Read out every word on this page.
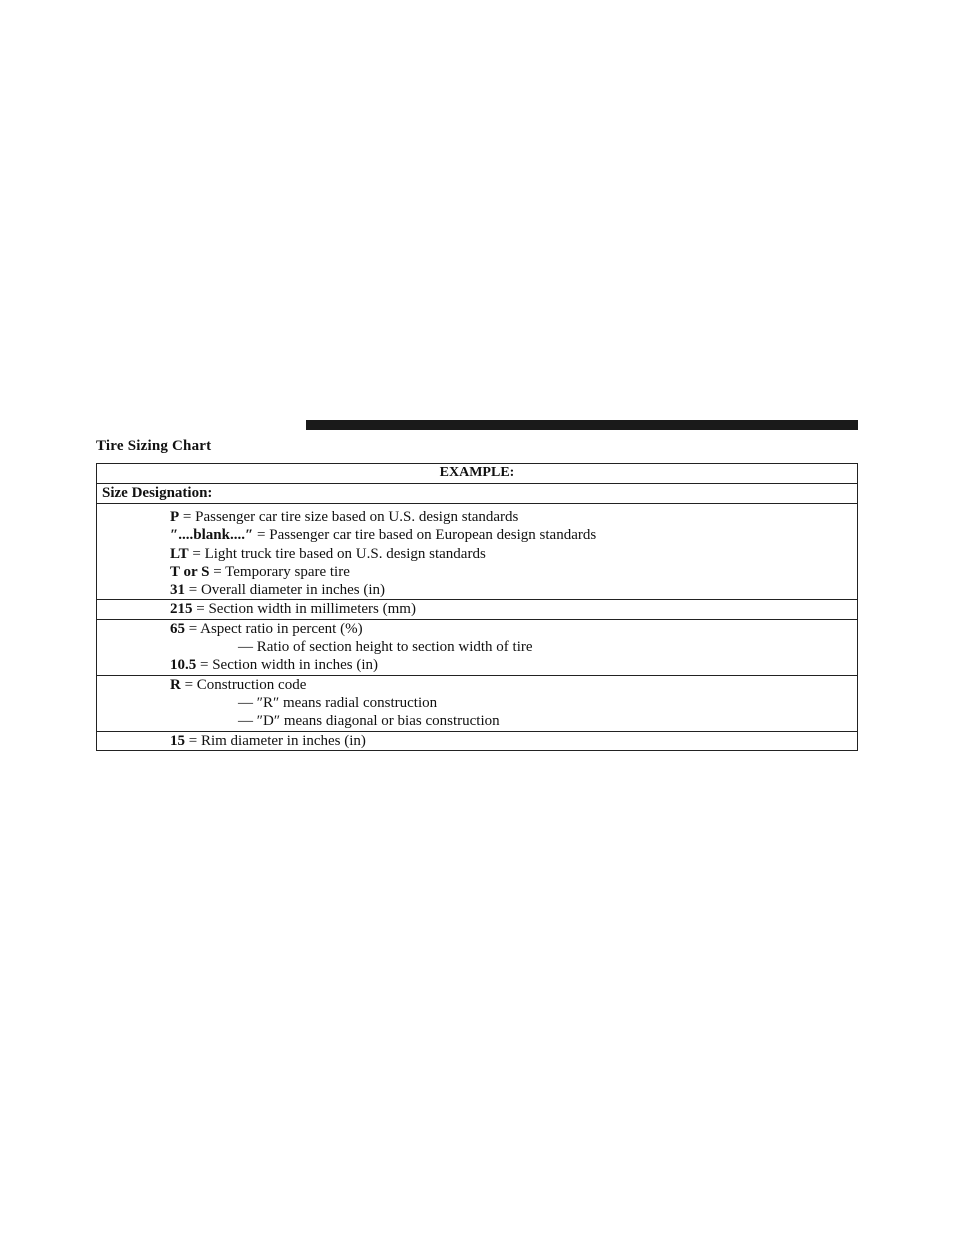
Tire Sizing Chart
EXAMPLE:
Size Designation:

P = Passenger car tire size based on U.S. design standards
″....blank....″ = Passenger car tire based on European design standards
LT = Light truck tire based on U.S. design standards
T or S = Temporary spare tire
31 = Overall diameter in inches (in)

215 = Section width in millimeters (mm)

65 = Aspect ratio in percent (%)
— Ratio of section height to section width of tire
10.5 = Section width in inches (in)

R = Construction code
— ″R″ means radial construction
— ″D″ means diagonal or bias construction

15 = Rim diameter in inches (in)
